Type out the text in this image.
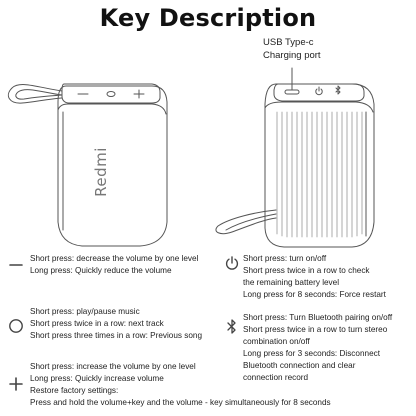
Key Description
USB Type-c
Charging port
Redmi
Short press: decrease the volume by one level
Long press: Quickly reduce the volume
Short press: play/pause music
Short press twice in a row: next track
Short press three times in a row: Previous song
Short press: increase the volume by one level
Long press: Quickly increase volume
Restore factory settings:
Press and hold the volume+key and the volume - key simultaneously for 8 seconds
Short press: turn on/off
Short press twice in a row to check
the remaining battery level
Long press for 8 seconds: Force restart
Short press: Turn Bluetooth pairing on/off
Short press twice in a row to turn stereo
combination on/off
Long press for 3 seconds: Disconnect
Bluetooth connection and clear
connection record
